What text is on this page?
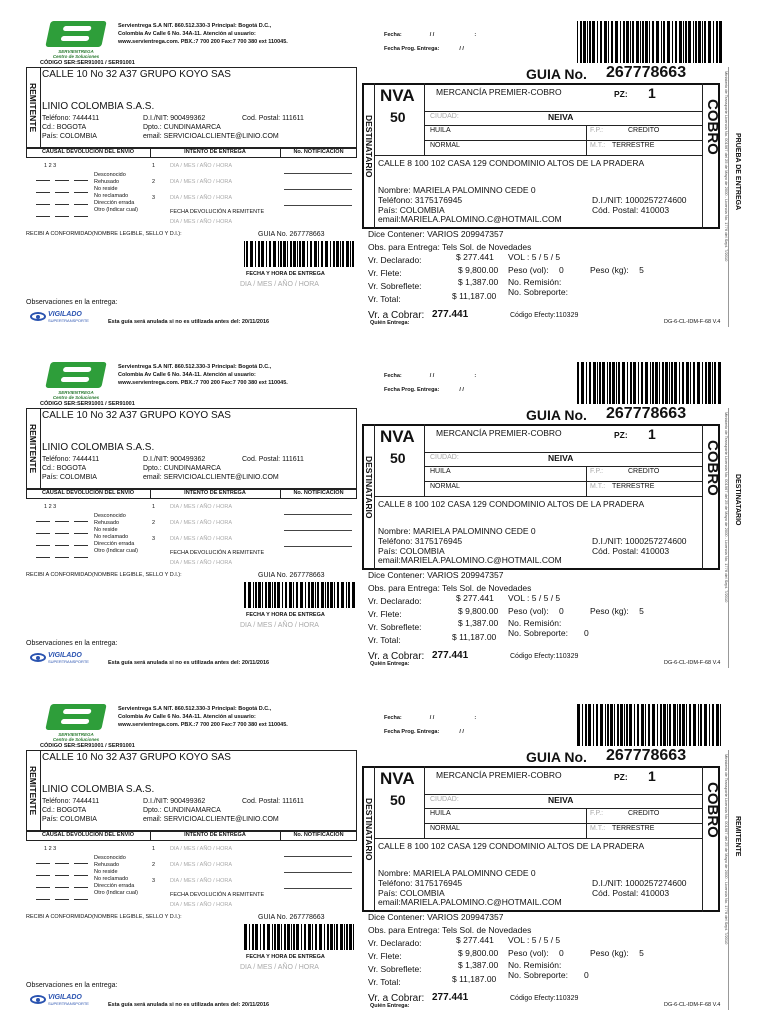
SERVIENTREGA
Centro de Soluciones
Servientrega S.A NIT. 860.512.330-3 Principal: Bogotá D.C.,
Colombia Av Calle 6 No. 34A-11. Atención al usuario:
www.servientrega.com. PBX.:7 700 200 Fax:7 700 380 ext 110045.
CÓDIGO SER:SER91001 / SER91001
REMITENTE
CALLE 10 No 32 A37 GRUPO KOYO SAS
LINIO COLOMBIA S.A.S.
Teléfono: 7444411	D.I./NIT: 900499362	Cod. Postal: 111611
Cd.: BOGOTA	Dpto.: CUNDINAMARCA
País: COLOMBIA	email: SERVICIOALCLIENTE@LINIO.COM
CAUSAL DEVOLUCIÓN DEL ENVIO	INTENTO DE ENTREGA	No. NOTIFICACION
1 2 3
Desconocido
Rehusado
No reside
No reclamado
Dirección errada
Otro (Indicar cual)
1	DIA / MES / AÑO / HORA
2	DIA / MES / AÑO / HORA
3	DIA / MES / AÑO / HORA
FECHA DEVOLUCIÓN A REMITENTE
DIA / MES / AÑO / HORA
RECIBI A CONFORMIDAD(NOMBRE LEGIBLE, SELLO Y D.I.):	GUIA No. 267778663
FECHA Y HORA DE ENTREGA
DIA / MES / AÑO / HORA
Observaciones en la entrega:
VIGILADO
SUPERTRANSPORTE	Esta guía será anulada si no es utilizada antes del: 20/11/2016
Fecha:	/ /	:
Fecha Prog. Entrega:	/ /
GUIA No. 267778663
DESTINATARIO
NVA
50
MERCANCÍA PREMIER-COBRO	PZ: 1
COBRO
CIUDAD:	NEIVA
HUILA	F.P.:	CREDITO
NORMAL	M.T.: TERRESTRE
CALLE 8 100 102 CASA 129 CONDOMINIO ALTOS DE LA PRADERA
Nombre: MARIELA PALOMINNO CEDE 0
Teléfono: 3175176945
País: COLOMBIA
email:MARIELA.PALOMINO.C@HOTMAIL.COM
D.I./NIT: 1000257274600
Cód. Postal: 410003
Dice Contener: VARIOS 209947357
Obs. para Entrega: Tels Sol. de Novedades
Vr. Declarado:	$ 277.441 VOL : 5 / 5 / 5
Vr. Flete:	$ 9,800.00 Peso (vol): 0	Peso (kg): 5
Vr. Sobreflete:	$ 1,387.00 No. Remisión:
Vr. Total:	$ 11,187.00 No. Sobreporte:
Vr. a Cobrar: 277.441
Quién Entrega:
Código Efecty:110329
DG-6-CL-IDM-F-68 V.4
Ministerio de Transporte Licencia No. 001967 del 25 de Mayo de 2000 - Licencia No. 1776 del Sept. 7/2010 PRUEBA DE ENTREGA
SERVIENTREGA
Centro de Soluciones
Servientrega S.A NIT. 860.512.330-3 Principal: Bogotá D.C.,
Colombia Av Calle 6 No. 34A-11. Atención al usuario:
www.servientrega.com. PBX.:7 700 200 Fax:7 700 380 ext 110045.
CÓDIGO SER:SER91001 / SER91001
REMITENTE
CALLE 10 No 32 A37 GRUPO KOYO SAS
LINIO COLOMBIA S.A.S.
Teléfono: 7444411	D.I./NIT: 900499362	Cod. Postal: 111611
Cd.: BOGOTA	Dpto.: CUNDINAMARCA
País: COLOMBIA	email: SERVICIOALCLIENTE@LINIO.COM
CAUSAL DEVOLUCIÓN DEL ENVIO	INTENTO DE ENTREGA	No. NOTIFICACION
1 2 3
Desconocido
Rehusado
No reside
No reclamado
Dirección errada
Otro (Indicar cual)
1	DIA / MES / AÑO / HORA
2	DIA / MES / AÑO / HORA
3	DIA / MES / AÑO / HORA
FECHA DEVOLUCIÓN A REMITENTE
DIA / MES / AÑO / HORA
RECIBI A CONFORMIDAD(NOMBRE LEGIBLE, SELLO Y D.I.):	GUIA No. 267778663
FECHA Y HORA DE ENTREGA
DIA / MES / AÑO / HORA
Observaciones en la entrega:
VIGILADO
SUPERTRANSPORTE	Esta guía será anulada si no es utilizada antes del: 20/11/2016
Fecha:	/ /	:
Fecha Prog. Entrega:	/ /
GUIA No. 267778663
DESTINATARIO
NVA
50
MERCANCÍA PREMIER-COBRO	PZ: 1
COBRO
CIUDAD:	NEIVA
HUILA	F.P.:	CREDITO
NORMAL	M.T.: TERRESTRE
CALLE 8 100 102 CASA 129 CONDOMINIO ALTOS DE LA PRADERA
Nombre: MARIELA PALOMINNO CEDE 0
Teléfono: 3175176945
País: COLOMBIA
email:MARIELA.PALOMINO.C@HOTMAIL.COM
D.I./NIT: 1000257274600
Cód. Postal: 410003
Dice Contener: VARIOS 209947357
Obs. para Entrega: Tels Sol. de Novedades
Vr. Declarado:	$ 277.441 VOL : 5 / 5 / 5
Vr. Flete:	$ 9,800.00 Peso (vol): 0	Peso (kg): 5
Vr. Sobreflete:	$ 1,387.00 No. Remisión:
Vr. Total:	$ 11,187.00 No. Sobreporte: 0
Vr. a Cobrar: 277.441
Quién Entrega:
Código Efecty:110329
DG-6-CL-IDM-F-68 V.4
Ministerio de Transporte Licencia No. 001967 del 25 de Mayo de 2000 - Licencia No. 1776 del Sept. 7/2010 DESTINATARIO
SERVIENTREGA
Centro de Soluciones
Servientrega S.A NIT. 860.512.330-3 Principal: Bogotá D.C.,
Colombia Av Calle 6 No. 34A-11. Atención al usuario:
www.servientrega.com. PBX.:7 700 200 Fax:7 700 380 ext 110045.
CÓDIGO SER:SER91001 / SER91001
REMITENTE
CALLE 10 No 32 A37 GRUPO KOYO SAS
LINIO COLOMBIA S.A.S.
Teléfono: 7444411	D.I./NIT: 900499362	Cod. Postal: 111611
Cd.: BOGOTA	Dpto.: CUNDINAMARCA
País: COLOMBIA	email: SERVICIOALCLIENTE@LINIO.COM
CAUSAL DEVOLUCIÓN DEL ENVIO	INTENTO DE ENTREGA	No. NOTIFICACION
1 2 3
Desconocido
Rehusado
No reside
No reclamado
Dirección errada
Otro (Indicar cual)
1	DIA / MES / AÑO / HORA
2	DIA / MES / AÑO / HORA
3	DIA / MES / AÑO / HORA
FECHA DEVOLUCIÓN A REMITENTE
DIA / MES / AÑO / HORA
RECIBI A CONFORMIDAD(NOMBRE LEGIBLE, SELLO Y D.I.):	GUIA No. 267778663
FECHA Y HORA DE ENTREGA
DIA / MES / AÑO / HORA
Observaciones en la entrega:
VIGILADO
SUPERTRANSPORTE	Esta guía será anulada si no es utilizada antes del: 20/11/2016
Fecha:	/ /	:
Fecha Prog. Entrega:	/ /
GUIA No. 267778663
DESTINATARIO
NVA
50
MERCANCÍA PREMIER-COBRO	PZ: 1
COBRO
CIUDAD:	NEIVA
HUILA	F.P.:	CREDITO
NORMAL	M.T.: TERRESTRE
CALLE 8 100 102 CASA 129 CONDOMINIO ALTOS DE LA PRADERA
Nombre: MARIELA PALOMINNO CEDE 0
Teléfono: 3175176945
País: COLOMBIA
email:MARIELA.PALOMINO.C@HOTMAIL.COM
D.I./NIT: 1000257274600
Cód. Postal: 410003
Dice Contener: VARIOS 209947357
Obs. para Entrega: Tels Sol. de Novedades
Vr. Declarado:	$ 277.441 VOL : 5 / 5 / 5
Vr. Flete:	$ 9,800.00 Peso (vol): 0	Peso (kg): 5
Vr. Sobreflete:	$ 1,387.00 No. Remisión:
Vr. Total:	$ 11,187.00 No. Sobreporte: 0
Vr. a Cobrar: 277.441
Quién Entrega:
Código Efecty:110329
DG-6-CL-IDM-F-68 V.4
Ministerio de Transporte Licencia No. 001967 del 25 de Mayo de 2000 - Licencia No. 1776 del Sept. 7/2010 REMITENTE
